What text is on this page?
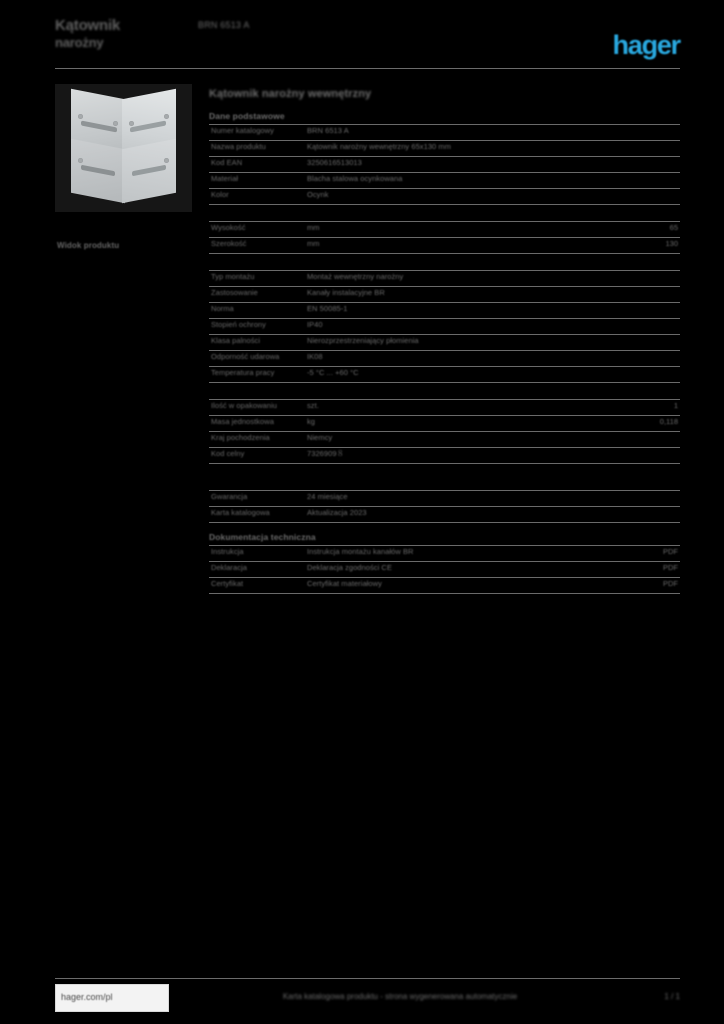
Kątownik
narożny
BRN 6513 A
hager
Widok produktu
Kątownik narożny wewnętrzny
Dane podstawowe
Numer katalogowy	BRN 6513 A
Nazwa produktu	Kątownik narożny wewnętrzny 65x130 mm
Kod EAN	3250616513013
Materiał	Blacha stalowa ocynkowana
Kolor	Ocynk
Wysokość	mm	65
Szerokość	mm	130
Typ montażu	Montaż wewnętrzny narożny
Zastosowanie	Kanały instalacyjne BR
Norma	EN 50085-1
Stopień ochrony	IP40
Klasa palności	Nierozprzestrzeniający płomienia
Odporność udarowa	IK08
Temperatura pracy	-5 °C ... +60 °C
Ilość w opakowaniu	szt.	1
Masa jednostkowa	kg	0,118
Kraj pochodzenia	Niemcy
Kod celny	7326909８
Gwarancja	24 miesiące
Karta katalogowa	Aktualizacja 2023
Dokumentacja techniczna
Instrukcja	Instrukcja montażu kanałów BR	PDF
Deklaracja	Deklaracja zgodności CE	PDF
Certyfikat	Certyfikat materiałowy	PDF
hager.com/pl	Karta katalogowa produktu - strona wygenerowana automatycznie	1 / 1
